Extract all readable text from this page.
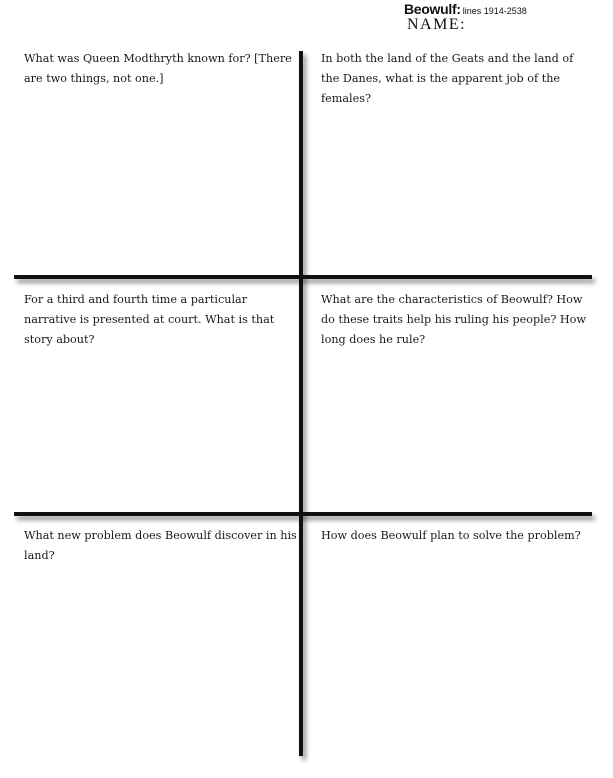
Beowulf: lines 1914-2538
NAME:

What was Queen Modthryth known for? [There are two things, not one.]

In both the land of the Geats and the land of the Danes, what is the apparent job of the females?

For a third and fourth time a particular narrative is presented at court. What is that story about?

What are the characteristics of Beowulf? How do these traits help his ruling his people? How long does he rule?

What new problem does Beowulf discover in his land?

How does Beowulf plan to solve the problem?
